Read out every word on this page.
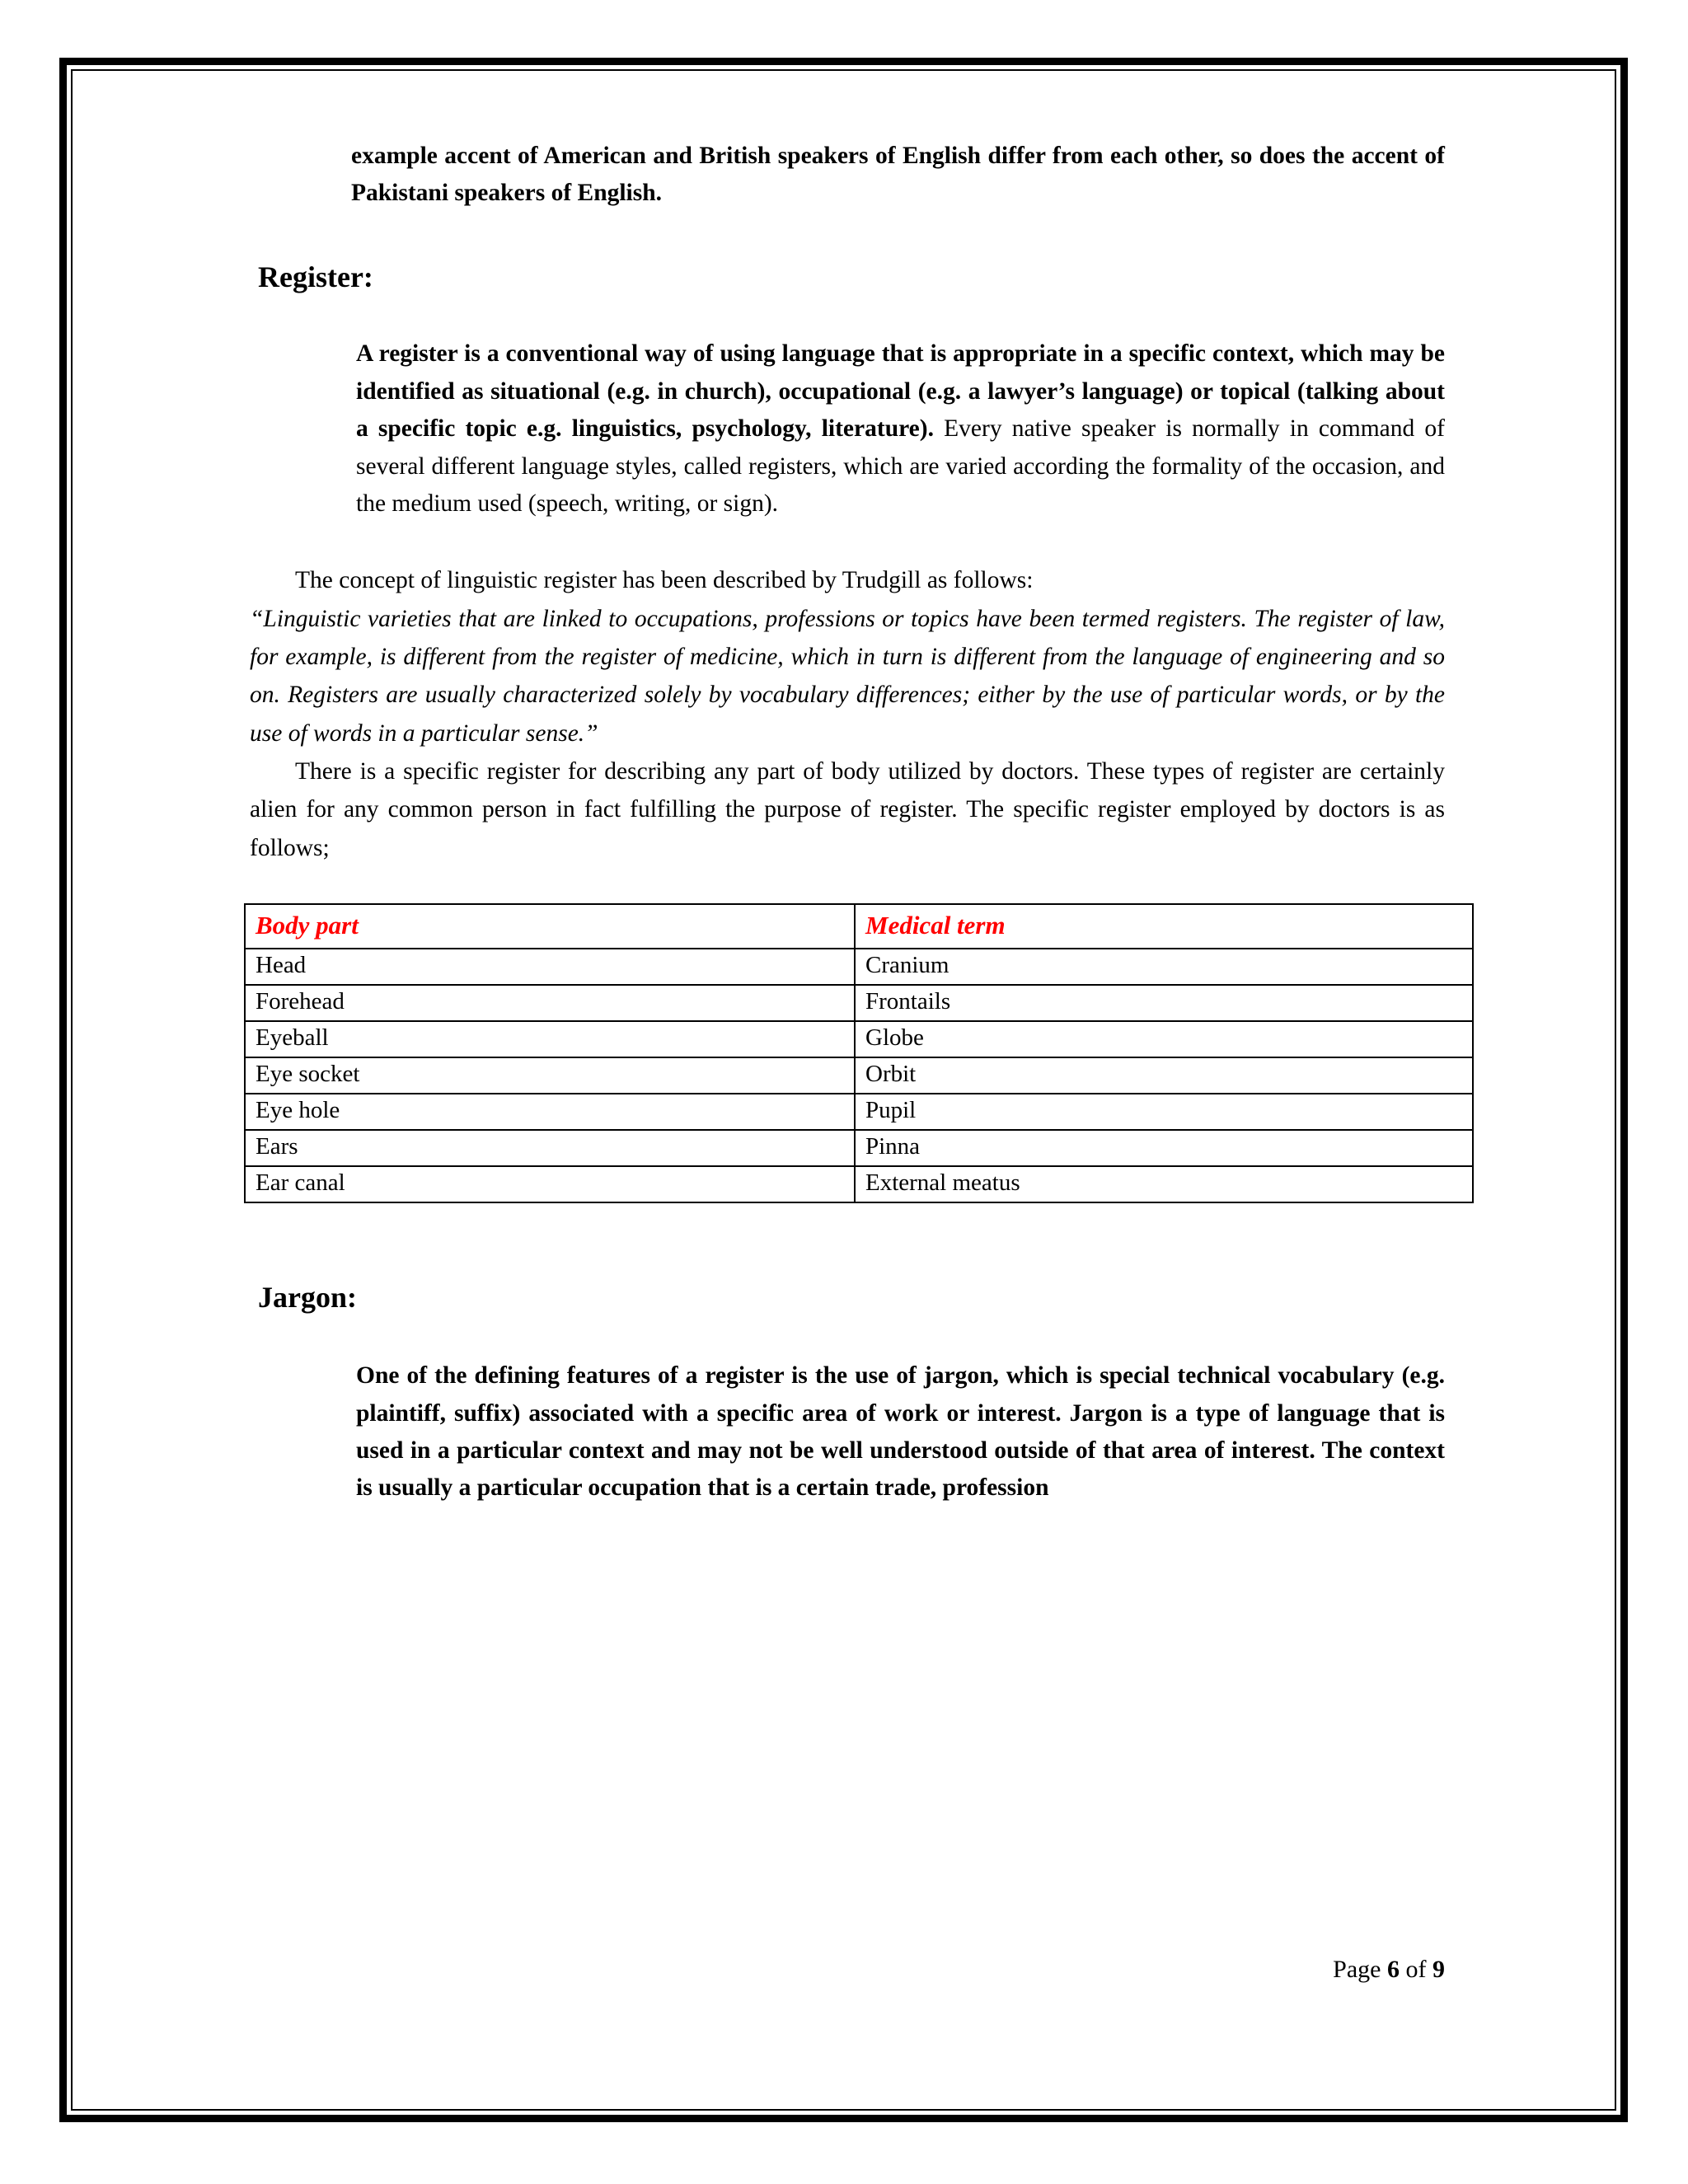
example accent of American and British speakers of English differ from each other, so does the accent of Pakistani speakers of English.

Register:

A register is a conventional way of using language that is appropriate in a specific context, which may be identified as situational (e.g. in church), occupational (e.g. a lawyer’s language) or topical (talking about a specific topic e.g. linguistics, psychology, literature). Every native speaker is normally in command of several different language styles, called registers, which are varied according the formality of the occasion, and the medium used (speech, writing, or sign).

The concept of linguistic register has been described by Trudgill as follows:

“Linguistic varieties that are linked to occupations, professions or topics have been termed registers. The register of law, for example, is different from the register of medicine, which in turn is different from the language of engineering and so on. Registers are usually characterized solely by vocabulary differences; either by the use of particular words, or by the use of words in a particular sense.”

There is a specific register for describing any part of body utilized by doctors. These types of register are certainly alien for any common person in fact fulfilling the purpose of register. The specific register employed by doctors is as follows;

Body part	Medical term
Head	Cranium
Forehead	Frontails
Eyeball	Globe
Eye socket	Orbit
Eye hole	Pupil
Ears	Pinna
Ear canal	External meatus
Jargon:

One of the defining features of a register is the use of jargon, which is special technical vocabulary (e.g. plaintiff, suffix) associated with a specific area of work or interest. Jargon is a type of language that is used in a particular context and may not be well understood outside of that area of interest. The context is usually a particular occupation that is a certain trade, profession

Page 6 of 9
